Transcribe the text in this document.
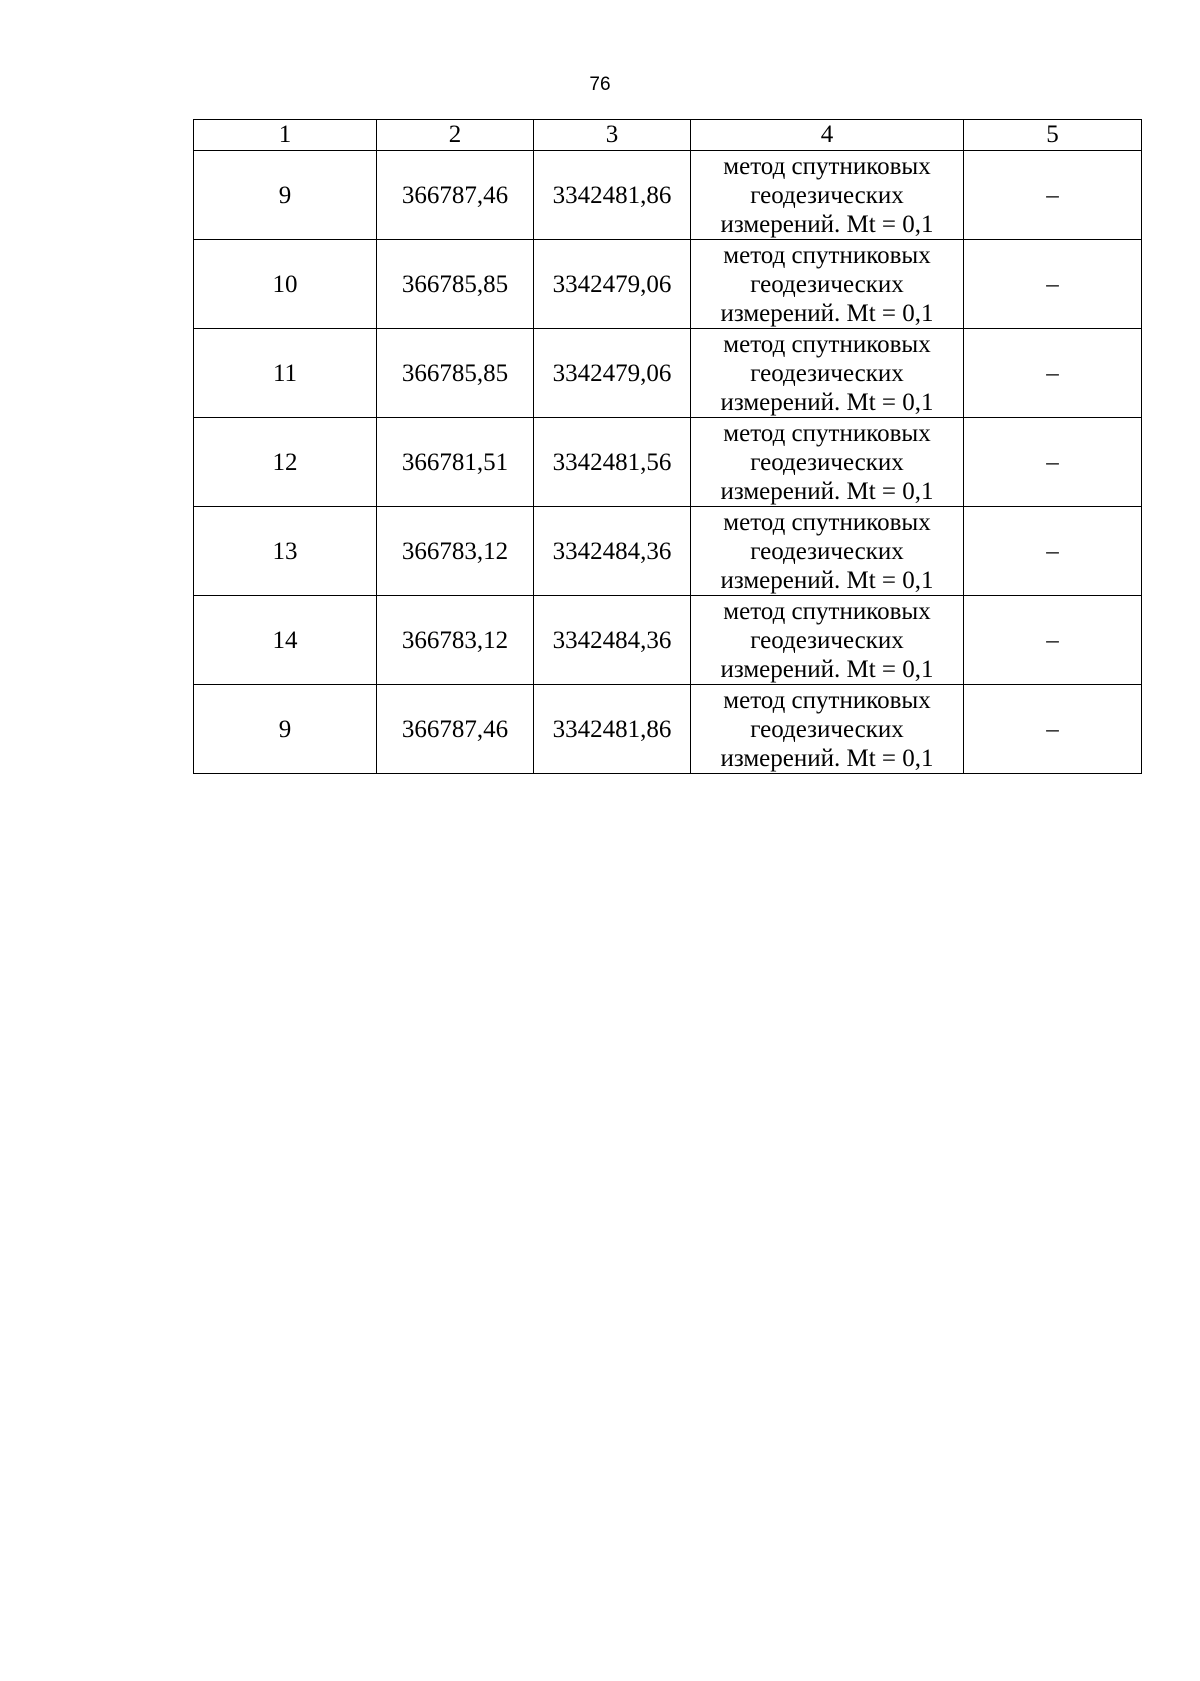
76
1	2	3	4	5
9	366787,46	3342481,86	метод спутниковых
геодезических
измерений. Mt = 0,1	–
10	366785,85	3342479,06	метод спутниковых
геодезических
измерений. Mt = 0,1	–
11	366785,85	3342479,06	метод спутниковых
геодезических
измерений. Mt = 0,1	–
12	366781,51	3342481,56	метод спутниковых
геодезических
измерений. Mt = 0,1	–
13	366783,12	3342484,36	метод спутниковых
геодезических
измерений. Mt = 0,1	–
14	366783,12	3342484,36	метод спутниковых
геодезических
измерений. Mt = 0,1	–
9	366787,46	3342481,86	метод спутниковых
геодезических
измерений. Mt = 0,1	–
